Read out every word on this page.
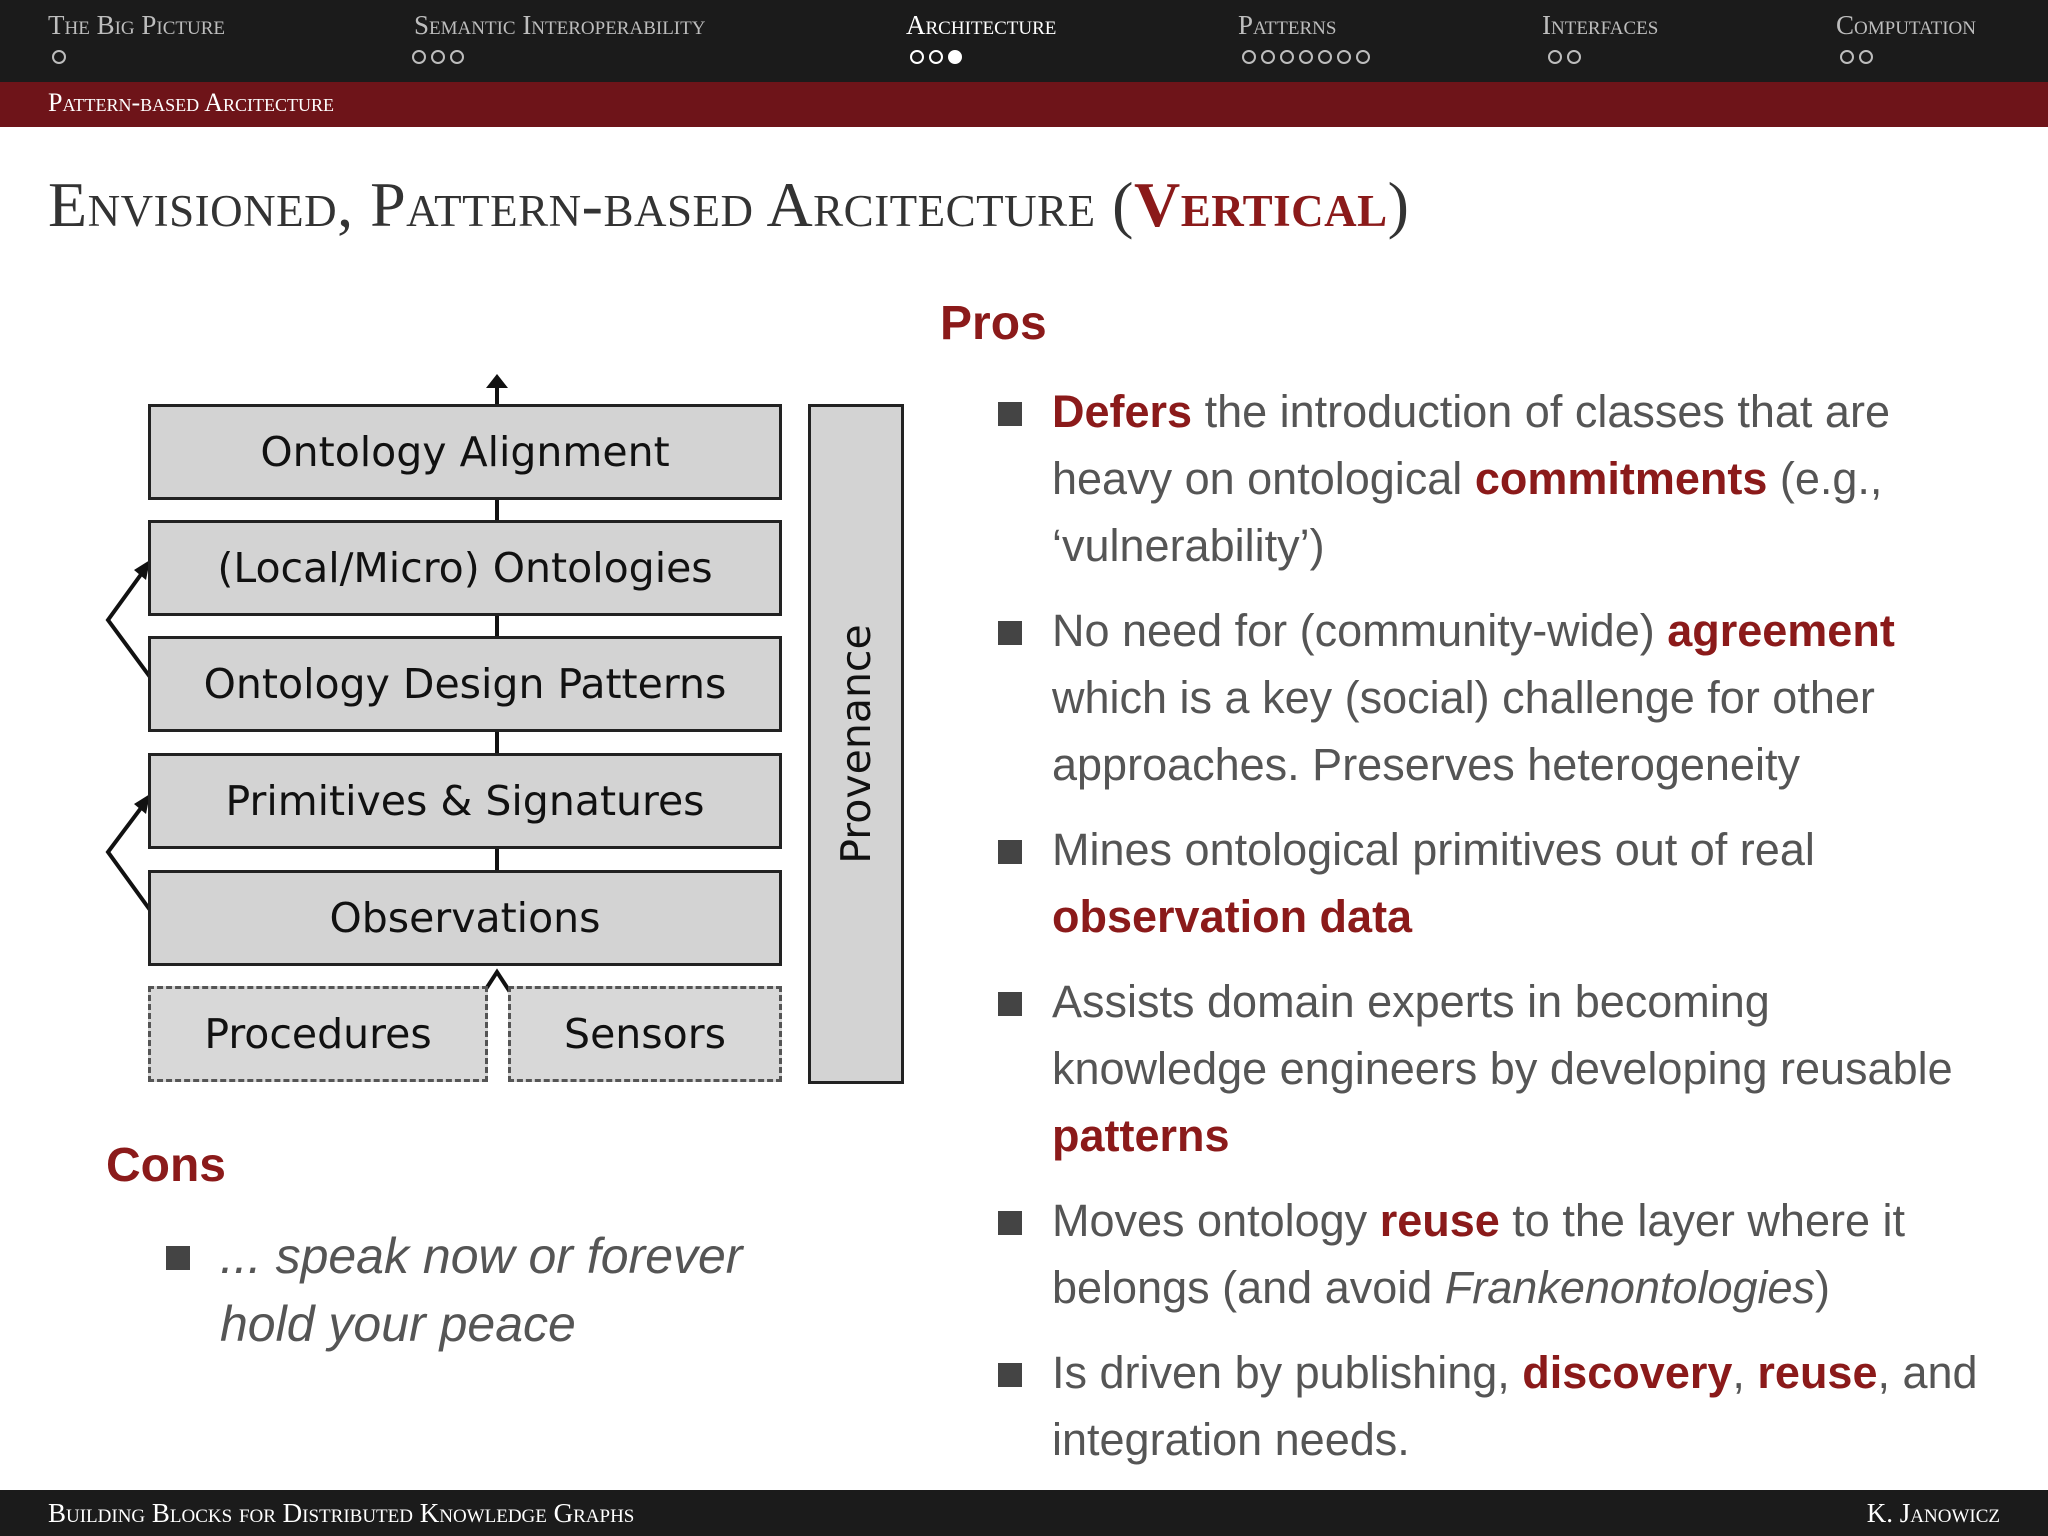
The Big Picture	Semantic Interoperability	Architecture	Patterns	Interfaces	Computation
Pattern-based Arcitecture
Envisioned, Pattern-based Arcitecture (Vertical)
Ontology Alignment
(Local/Micro) Ontologies
Ontology Design Patterns
Primitives & Signatures
Observations
Procedures	Sensors
Provenance
Pros
Defers the introduction of classes that are heavy on ontological commitments (e.g., ‘vulnerability’)
No need for (community-wide) agreement which is a key (social) challenge for other approaches. Preserves heterogeneity
Mines ontological primitives out of real observation data
Assists domain experts in becoming knowledge engineers by developing reusable patterns
Moves ontology reuse to the layer where it belongs (and avoid Frankenontologies)
Is driven by publishing, discovery, reuse, and integration needs.
Cons
... speak now or forever hold your peace
Building Blocks for Distributed Knowledge Graphs	K. Janowicz
